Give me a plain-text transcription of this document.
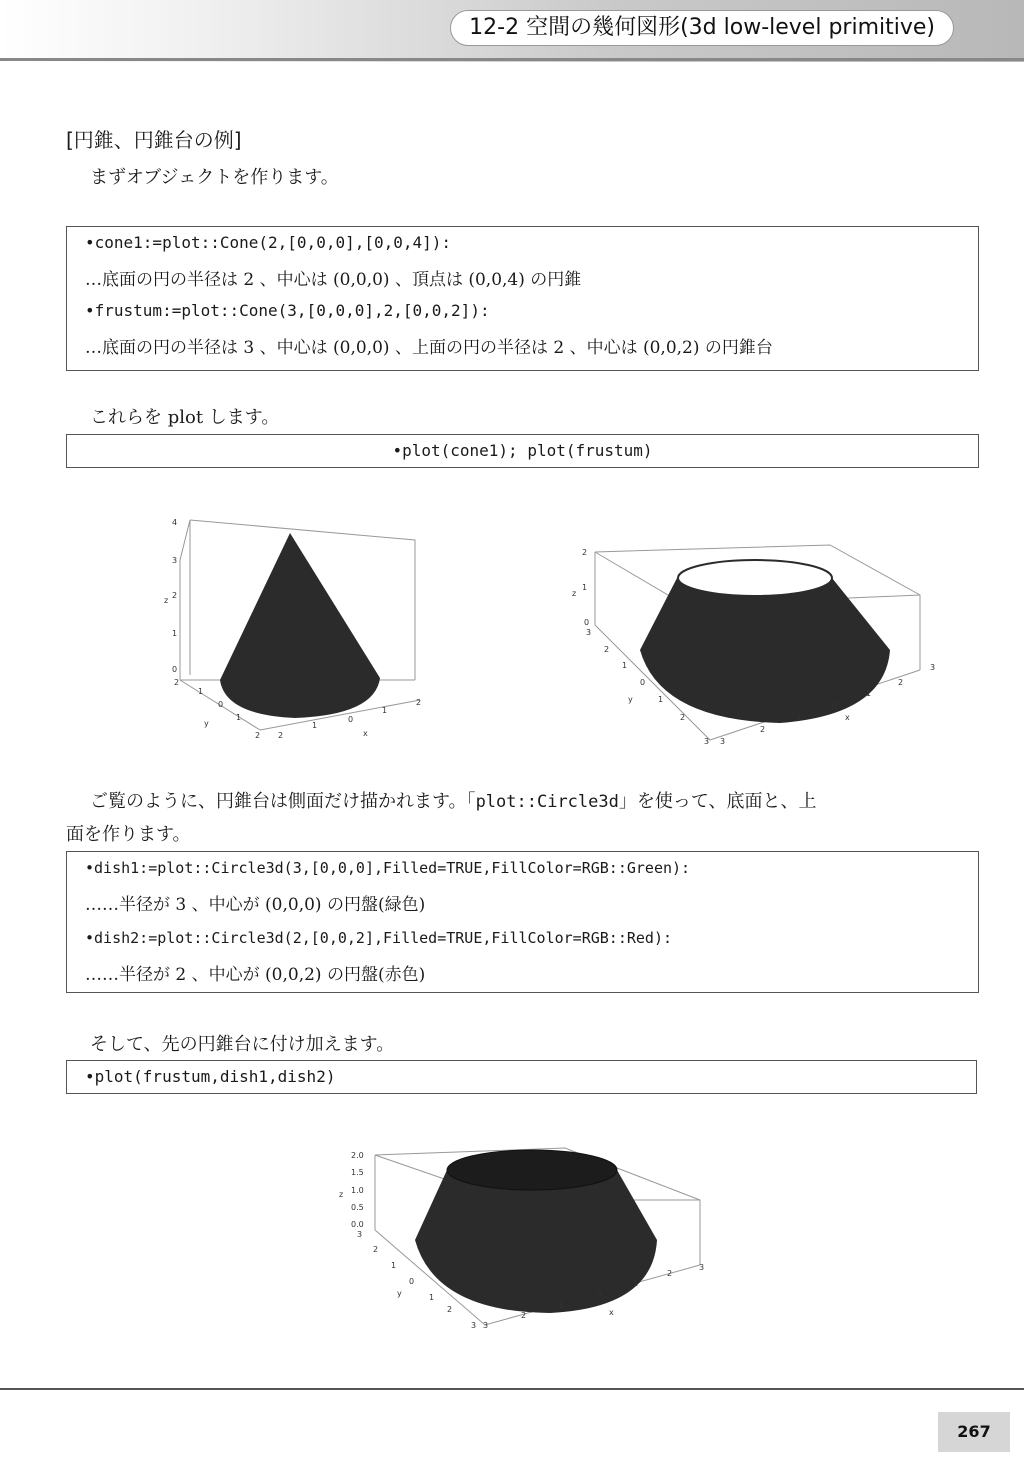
12-2 空間の幾何図形(3d low-level primitive)
[円錐、円錐台の例]
まずオブジェクトを作ります。
•cone1:=plot::Cone(2,[0,0,0],[0,0,4]):
…底面の円の半径は 2 、中心は (0,0,0) 、頂点は (0,0,4) の円錐
•frustum:=plot::Cone(3,[0,0,0],2,[0,0,2]):
…底面の円の半径は 3 、中心は (0,0,0) 、上面の円の半径は 2 、中心は (0,0,2) の円錐台
これらを plot します。
•plot(cone1); plot(frustum)
4
3
2
z
1
0
2
1
0
y
1
2 2
1
0
x
1
2
2
z
1
0
3
2
1
0
y	1
2
3 3
2
1
0
x
1
2
3
ご覧のように、円錐台は側面だけ描かれます。「plot::Circle3d」を使って、底面と、上
面を作ります。
•dish1:=plot::Circle3d(3,[0,0,0],Filled=TRUE,FillColor=RGB::Green):
……半径が 3 、中心が (0,0,0) の円盤(緑色)
•dish2:=plot::Circle3d(2,[0,0,2],Filled=TRUE,FillColor=RGB::Red):
……半径が 2 、中心が (0,0,2) の円盤(赤色)
そして、先の円錐台に付け加えます。
•plot(frustum,dish1,dish2)
2.0
1.5
z 1.0
0.5
0.0
3
2
1
0
y	1
2
3 3
2
1
0
x
1
2
3
267
